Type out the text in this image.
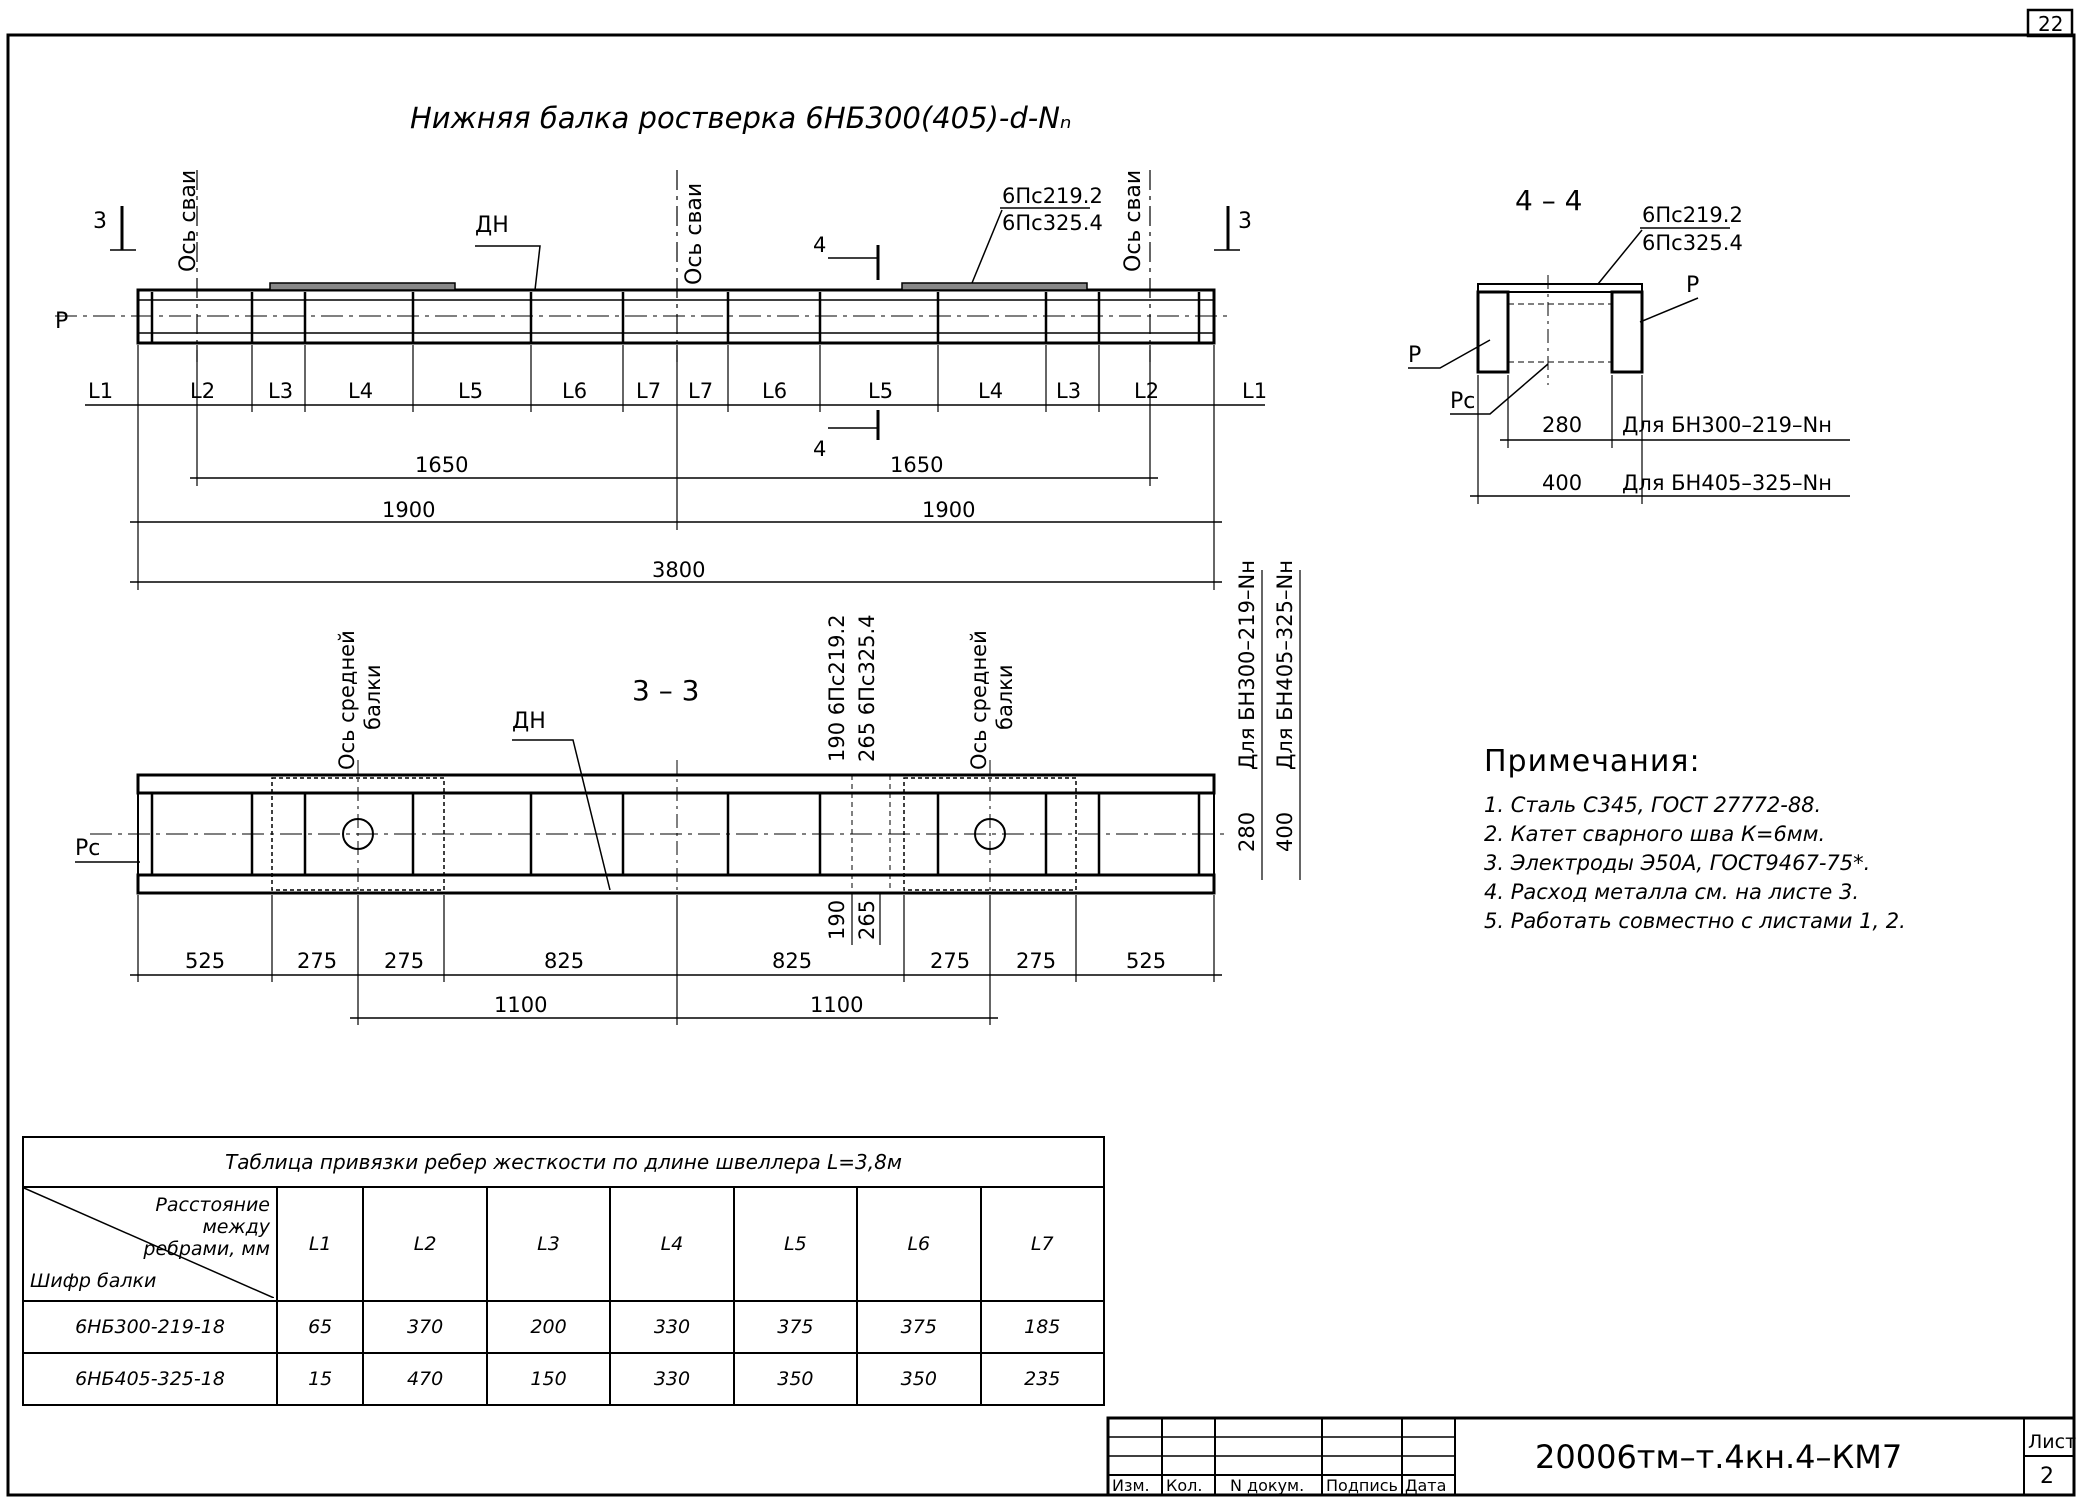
22
Нижняя балка ростверка 6НБ300(405)-d-Nₙ
Ось сваи	Ось сваи	Ось сваи
3	3
ДН
6Пс219.2
6Пс325.4
Р
4
4
L1	L2	L3	L4	L5	L6 L7 L7 L6	L5	L4	L3	L2	L1
1650	1650
1900	1900
3800
4 – 4	6Пс219.2
6Пс325.4
Р
Р
Рс
280 Для БН300–219–Nн
400 Для БН405–325–Nн
3 – 3
Ось средней балки	Ось средней балки
ДН
Рс
190 6Пс219.2 265 6Пс325.4	Для БН300–219–Nн Для БН405–325–Nн
280 400
190 265
525	275 275	825	825	275 275	525
1100	1100
Изм. Кол. N докум. Подпись Дата
20006тм–т.4кн.4–КМ7	Лист
2
Примечания:
1. Сталь С345, ГОСТ 27772-88.
2. Катет сварного шва К=6мм.
3. Электроды Э50А, ГОСТ9467-75*.
4. Расход металла см. на листе 3.
5. Работать совместно с листами 1, 2.
Таблица привязки ребер жесткости по длине швеллера L=3,8м							

Расстояние между ребрами, мм
Шифр балки	L1	L2	L3	L4	L5	L6	L7
6НБ300-219-18	65	370	200	330	375	375	185
6НБ405-325-18	15	470	150	330	350	350	235
